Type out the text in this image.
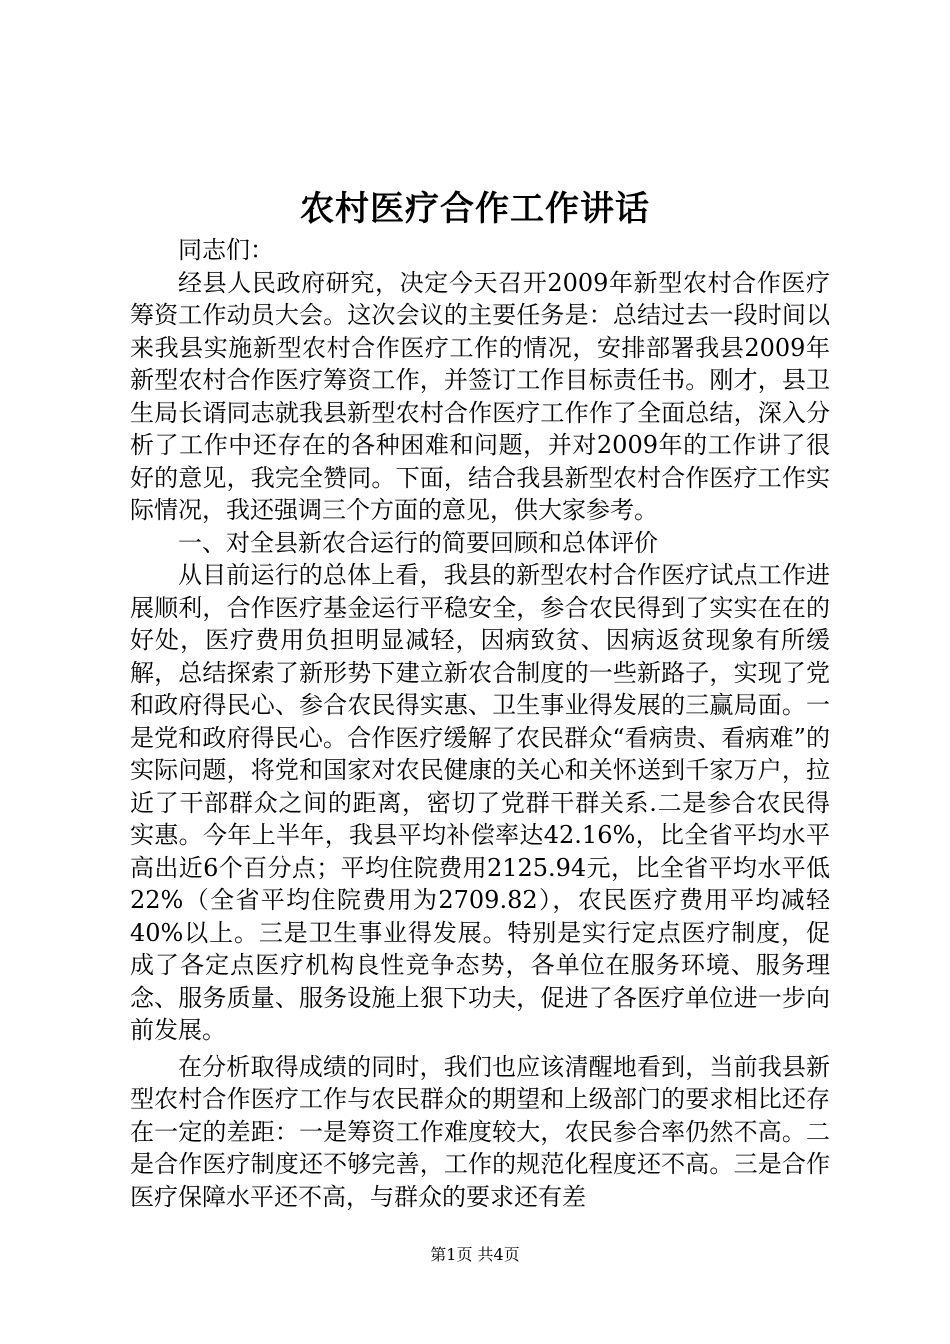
农村医疗合作工作讲话

同志们：

经县人民政府研究，决定今天召开2009年新型农村合作医疗筹资工作动员大会。这次会议的主要任务是：总结过去一段时间以来我县实施新型农村合作医疗工作的情况，安排部署我县2009年新型农村合作医疗筹资工作，并签订工作目标责任书。刚才，县卫生局长谞同志就我县新型农村合作医疗工作作了全面总结，深入分析了工作中还存在的各种困难和问题，并对2009年的工作讲了很好的意见，我完全赞同。下面，结合我县新型农村合作医疗工作实际情况，我还强调三个方面的意见，供大家参考。

一、对全县新农合运行的简要回顾和总体评价

从目前运行的总体上看，我县的新型农村合作医疗试点工作进展顺利，合作医疗基金运行平稳安全，参合农民得到了实实在在的好处，医疗费用负担明显减轻，因病致贫、因病返贫现象有所缓解，总结探索了新形势下建立新农合制度的一些新路子，实现了党和政府得民心、参合农民得实惠、卫生事业得发展的三赢局面。一是党和政府得民心。合作医疗缓解了农民群众“看病贵、看病难”的实际问题，将党和国家对农民健康的关心和关怀送到千家万户，拉近了干部群众之间的距离，密切了党群干群关系.二是参合农民得实惠。今年上半年，我县平均补偿率达42.16%，比全省平均水平高出近6个百分点；平均住院费用2125.94元，比全省平均水平低22%（全省平均住院费用为2709.82），农民医疗费用平均减轻40%以上。三是卫生事业得发展。特别是实行定点医疗制度，促成了各定点医疗机构良性竞争态势，各单位在服务环境、服务理念、服务质量、服务设施上狠下功夫，促进了各医疗单位进一步向前发展。

在分析取得成绩的同时，我们也应该清醒地看到，当前我县新型农村合作医疗工作与农民群众的期望和上级部门的要求相比还存在一定的差距：一是筹资工作难度较大，农民参合率仍然不高。二是合作医疗制度还不够完善，工作的规范化程度还不高。三是合作医疗保障水平还不高，与群众的要求还有差

第1页 共4页
